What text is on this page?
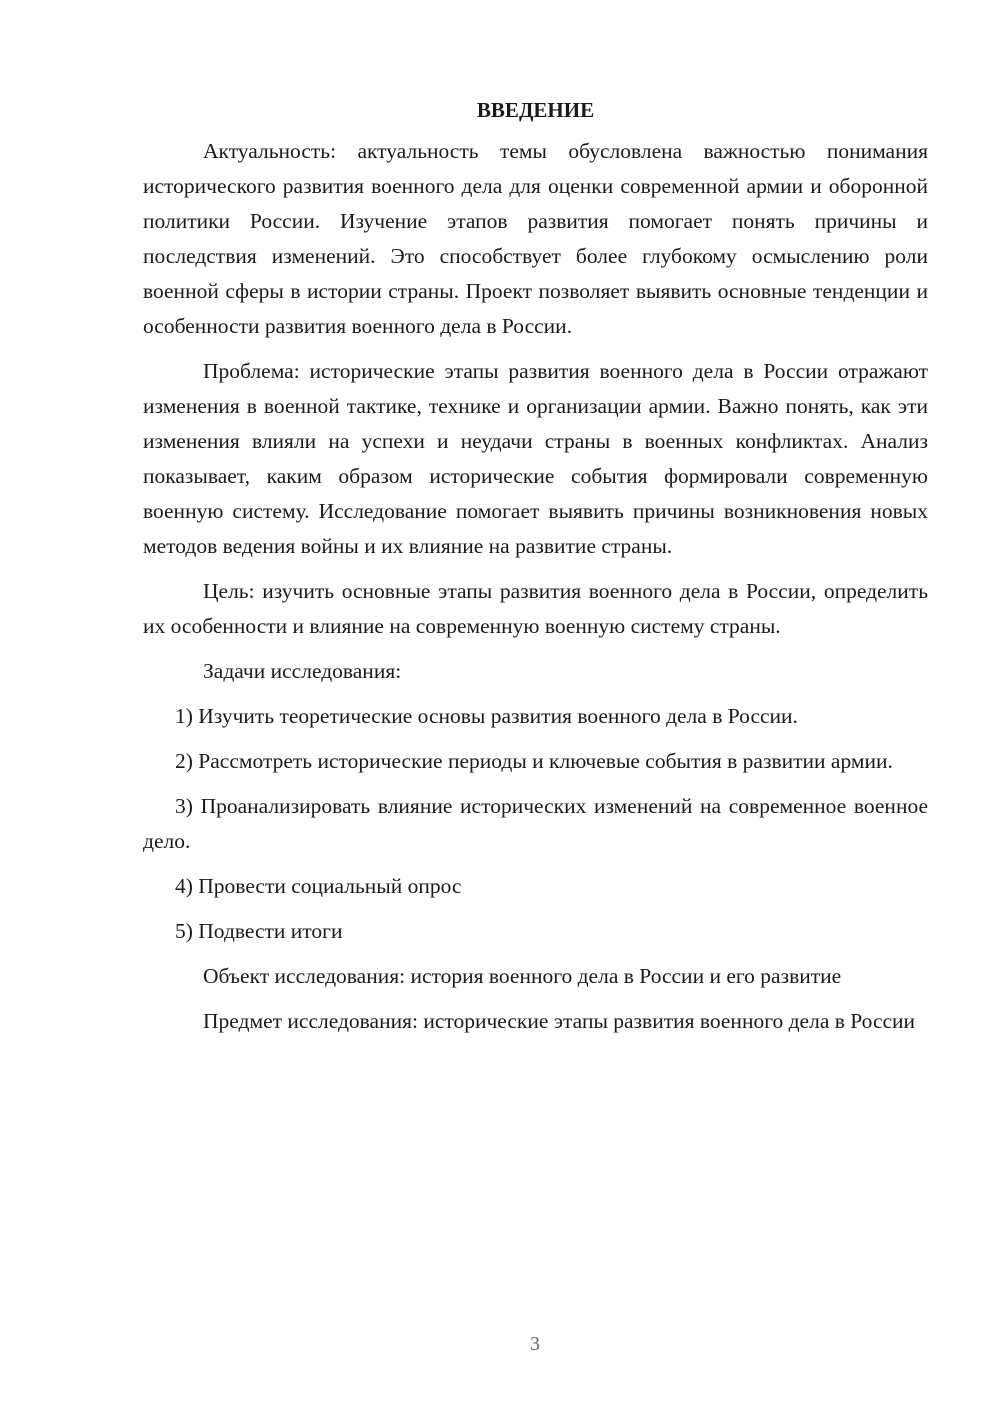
ВВЕДЕНИЕ

Актуальность: актуальность темы обусловлена важностью понимания исторического развития военного дела для оценки современной армии и оборонной политики России. Изучение этапов развития помогает понять причины и последствия изменений. Это способствует более глубокому осмыслению роли военной сферы в истории страны. Проект позволяет выявить основные тенденции и особенности развития военного дела в России.

Проблема: исторические этапы развития военного дела в России отражают изменения в военной тактике, технике и организации армии. Важно понять, как эти изменения влияли на успехи и неудачи страны в военных конфликтах. Анализ показывает, каким образом исторические события формировали современную военную систему. Исследование помогает выявить причины возникновения новых методов ведения войны и их влияние на развитие страны.

Цель: изучить основные этапы развития военного дела в России, определить их особенности и влияние на современную военную систему страны.

Задачи исследования:

1) Изучить теоретические основы развития военного дела в России.

2) Рассмотреть исторические периоды и ключевые события в развитии армии.

3) Проанализировать влияние исторических изменений на современное военное дело.

4) Провести социальный опрос

5) Подвести итоги

Объект исследования: история военного дела в России и его развитие

Предмет исследования: исторические этапы развития военного дела в России

3
